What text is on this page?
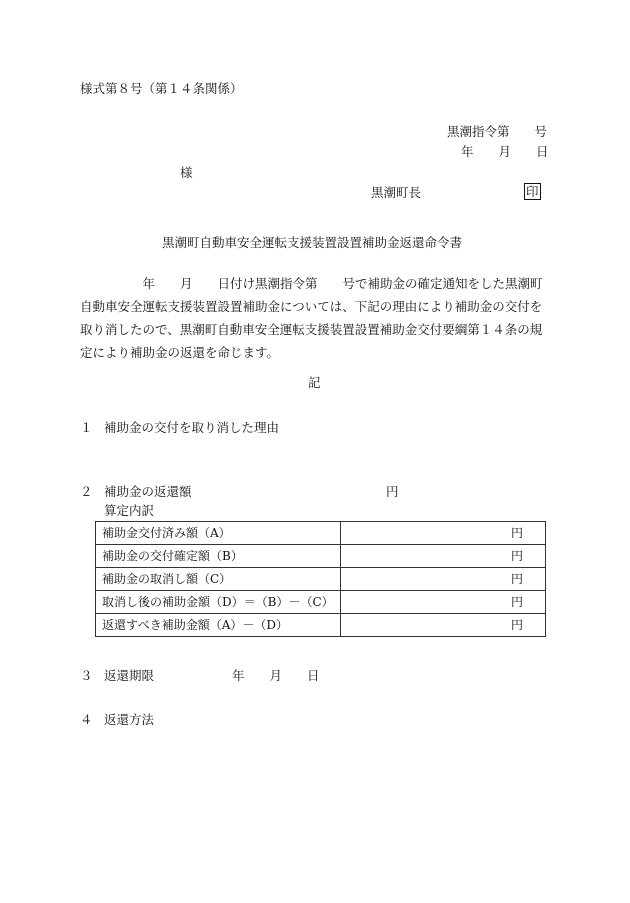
様式第８号（第１４条関係）
黒潮指令第　　号
年　　月　　日
様
黒潮町長	印
黒潮町自動車安全運転支援装置設置補助金返還命令書
　　　　　年　　月　　日付け黒潮指令第　　号で補助金の確定通知をした黒潮町
自動車安全運転支援装置設置補助金については、下記の理由により補助金の交付を
取り消したので、黒潮町自動車安全運転支援装置設置補助金交付要綱第１４条の規
定により補助金の返還を命じます。
記
１ 補助金の交付を取り消した理由
２ 補助金の返還額	円
算定内訳
補助金交付済み額（A）	円
補助金の交付確定額（B）	円
補助金の取消し額（C）	円
取消し後の補助金額（D）＝（B）－（C）	円
返還すべき補助金額（A）－（D）	円
３ 返還期限	年　　月　　日
４ 返還方法
